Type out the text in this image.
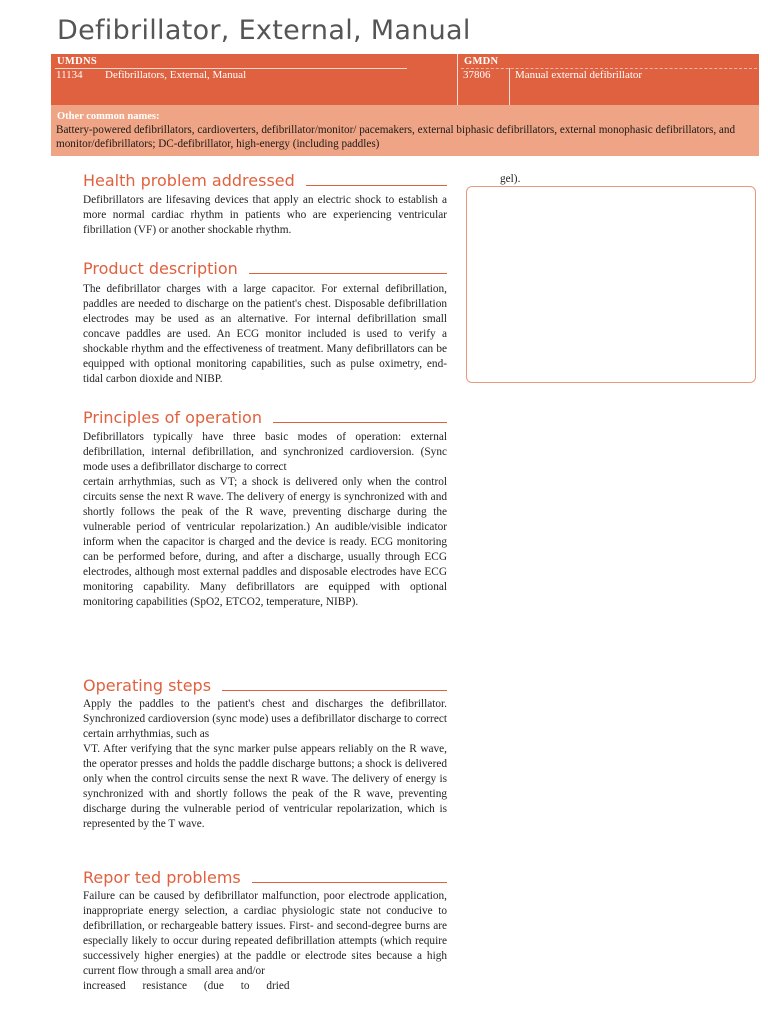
Defibrillator, External, Manual
UMDNS	GMDN
11134 Defibrillators, External, Manual	37806 Manual external defibrillator
Other common names:
Battery-powered defibrillators, cardioverters, defibrillator/monitor/ pacemakers, external biphasic defibrillators, external monophasic defibrillators, and monitor/defibrillators; DC-defibrillator, high-energy (including paddles)
Health problem addressed

Defibrillators are lifesaving devices that apply an electric shock to establish a more normal cardiac rhythm in patients who are experiencing ventricular fibrillation (VF) or another shockable rhythm.

Product description

The defibrillator charges with a large capacitor. For external defibrillation, paddles are needed to discharge on the patient's chest. Disposable defibrillation electrodes may be used as an alternative. For internal defibrillation small concave paddles are used. An ECG monitor included is used to verify a shockable rhythm and the effectiveness of treatment. Many defibrillators can be equipped with optional monitoring capabilities, such as pulse oximetry, end-tidal carbon dioxide and NIBP.

Principles of operation

Defibrillators typically have three basic modes of operation: external defibrillation, internal defibrillation, and synchronized cardioversion. (Sync mode uses a defibrillator discharge to correct

certain arrhythmias, such as VT; a shock is delivered only when the control circuits sense the next R wave. The delivery of energy is synchronized with and shortly follows the peak of the R wave, preventing discharge during the vulnerable period of ventricular repolarization.) An audible/visible indicator inform when the capacitor is charged and the device is ready. ECG monitoring can be performed before, during, and after a discharge, usually through ECG electrodes, although most external paddles and disposable electrodes have ECG monitoring capability. Many defibrillators are equipped with optional monitoring capabilities (SpO2, ETCO2, temperature, NIBP).

Operating steps

Apply the paddles to the patient's chest and discharges the defibrillator. Synchronized cardioversion (sync mode) uses a defibrillator discharge to correct certain arrhythmias, such as

VT. After verifying that the sync marker pulse appears reliably on the R wave, the operator presses and holds the paddle discharge buttons; a shock is delivered only when the control circuits sense the next R wave. The delivery of energy is synchronized with and shortly follows the peak of the R wave, preventing discharge during the vulnerable period of ventricular repolarization, which is represented by the T wave.

Repor ted problems

Failure can be caused by defibrillator malfunction, poor electrode application, inappropriate energy selection, a cardiac physiologic state not conducive to defibrillation, or rechargeable battery issues. First- and second-degree burns are especially likely to occur during repeated defibrillation attempts (which require successively higher energies) at the paddle or electrode sites because a high current flow through a small area and/or

increased resistance (due to dried

gel).
